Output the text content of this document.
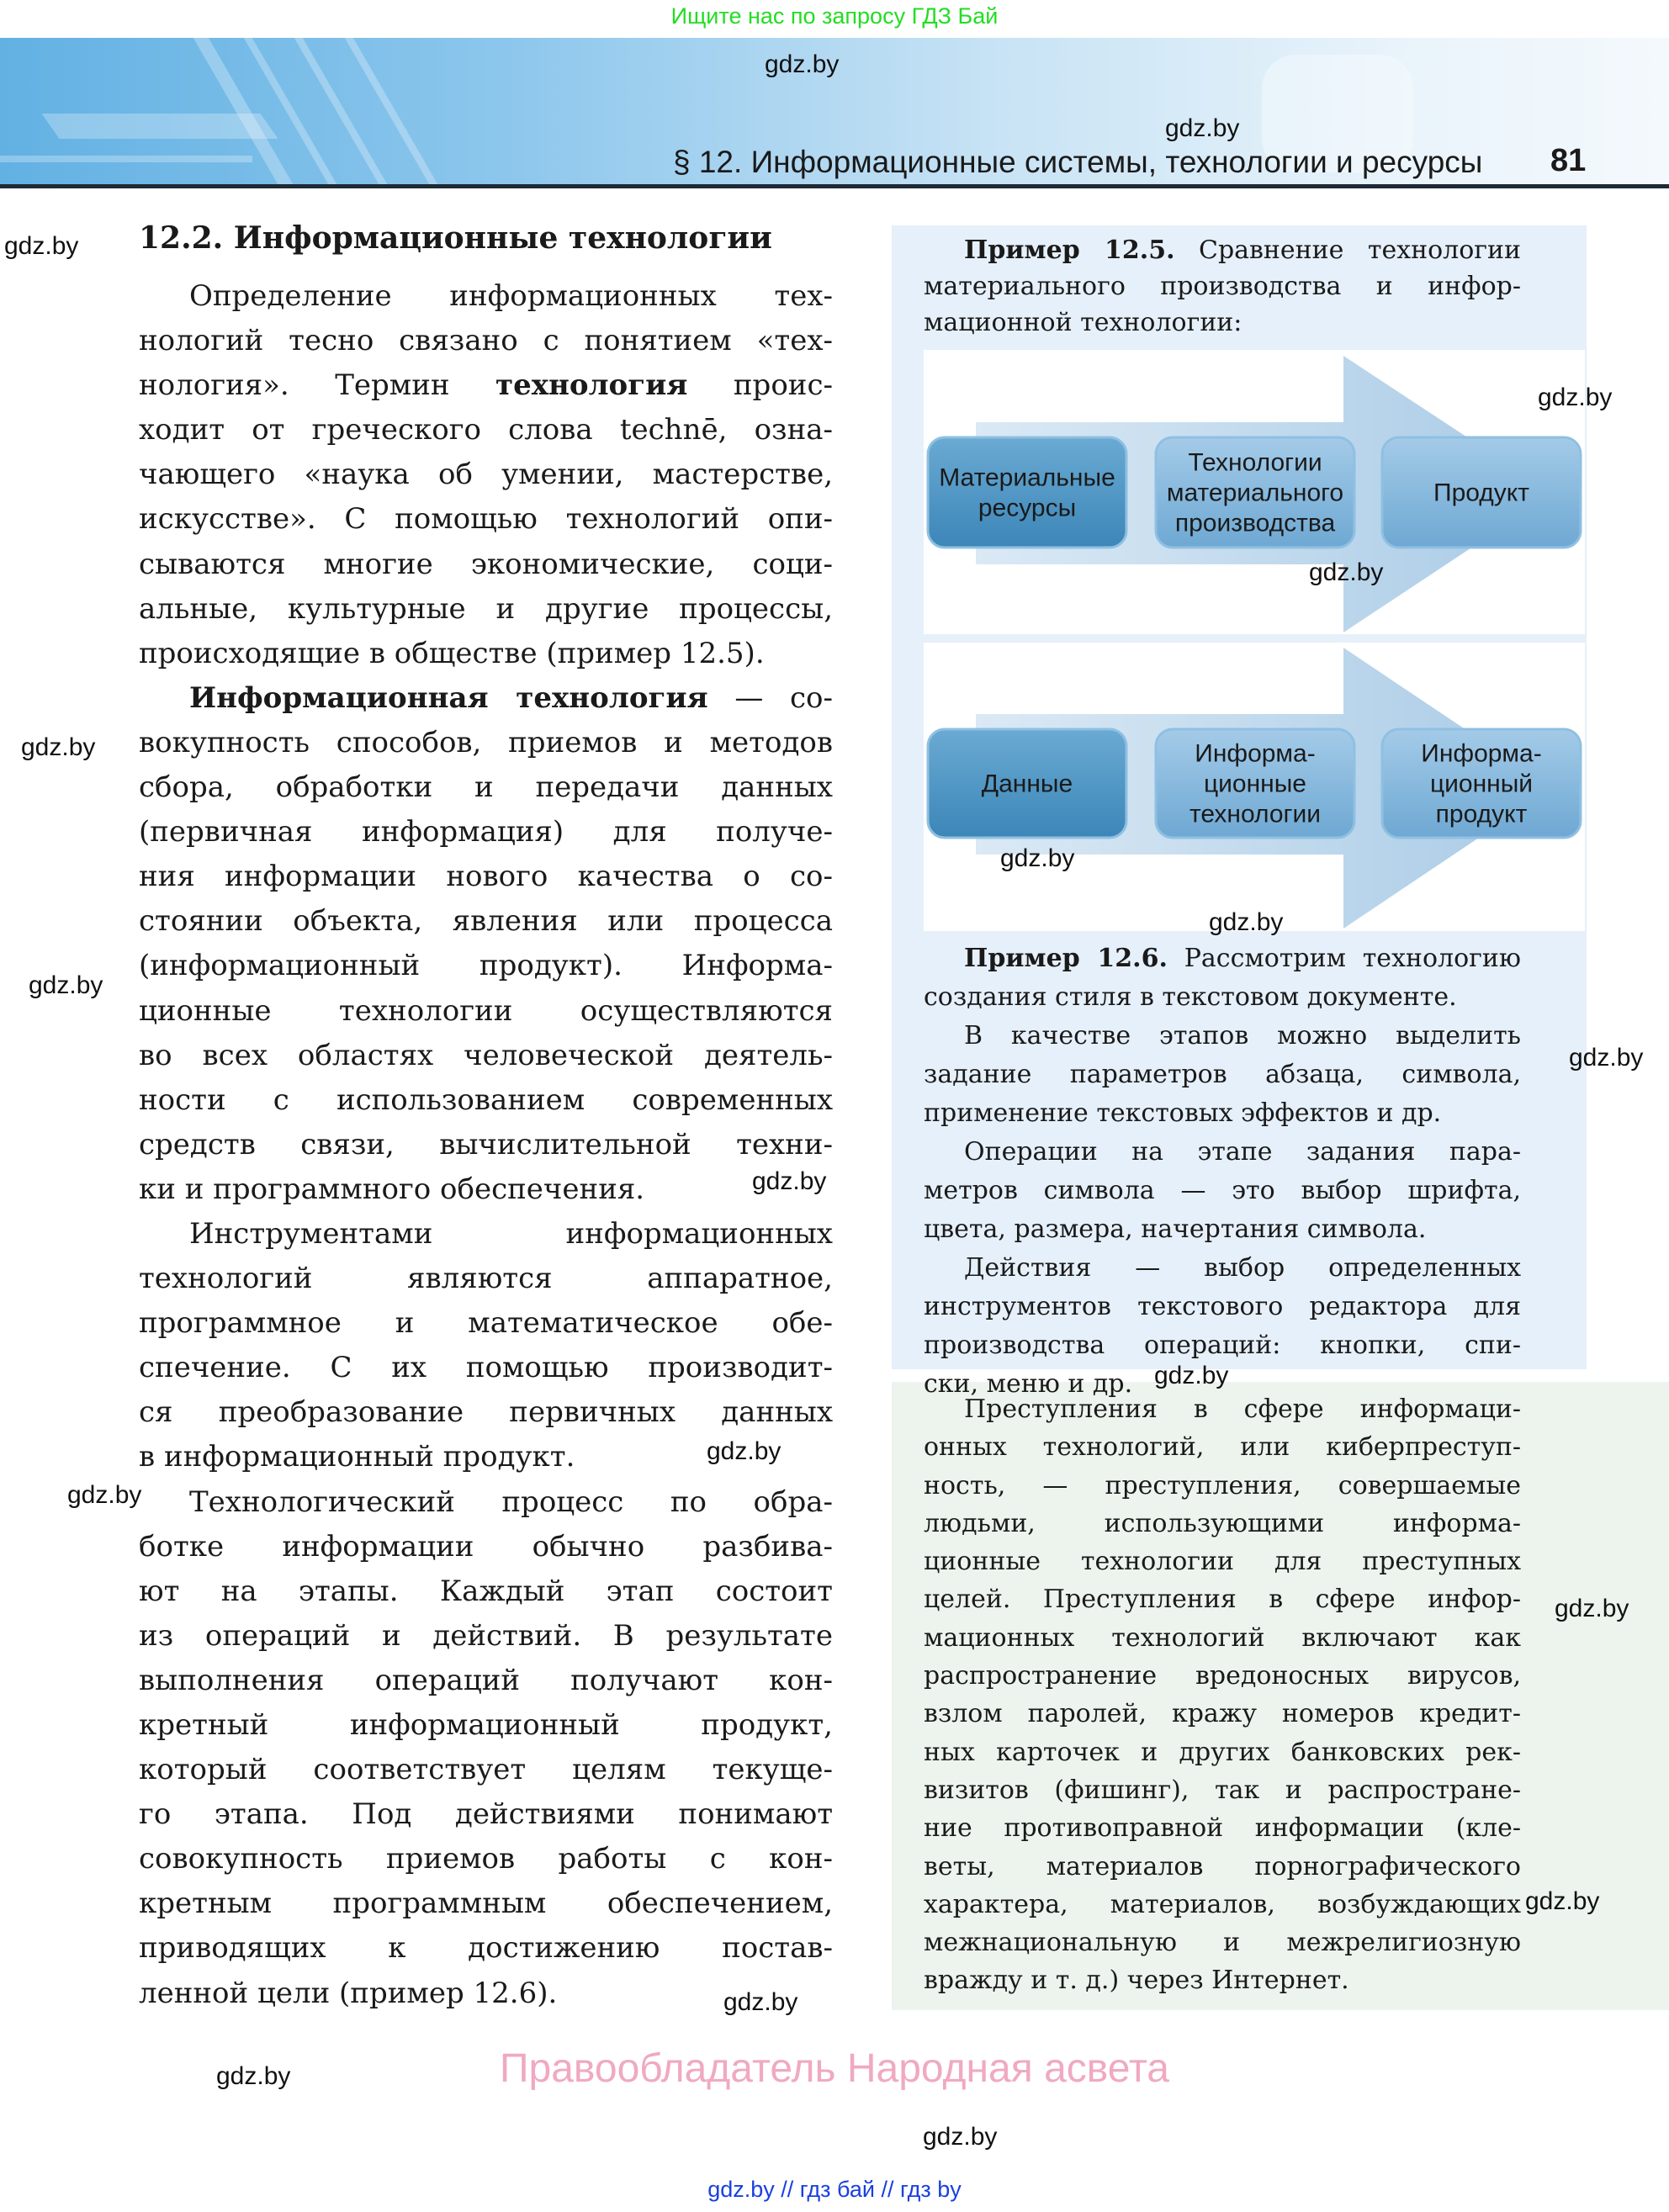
Ищите нас по запросу ГДЗ Бай
§ 12. Информационные системы, технологии и ресурсы 81
12.2. Информационные технологии
Определение информационных тех-
нологий тесно связано с понятием «тех-
нология». Термин технология проис-
ходит от греческого слова technē, озна-
чающего «наука об умении, мастерстве,
искусстве». С помощью технологий опи-
сываются многие экономические, соци-
альные, культурные и другие процессы,
происходящие в обществе (пример 12.5).
Информационная технология — со-
вокупность способов, приемов и методов
сбора, обработки и передачи данных
(первичная информация) для получе-
ния информации нового качества о со-
стоянии объекта, явления или процесса
(информационный продукт). Информа-
ционные технологии осуществляются
во всех областях человеческой деятель-
ности с использованием современных
средств связи, вычислительной техни-
ки и программного обеспечения.
Инструментами информационных
технологий являются аппаратное,
программное и математическое обе-
спечение. С их помощью производит-
ся преобразование первичных данных
в информационный продукт.
Технологический процесс по обра-
ботке информации обычно разбива-
ют на этапы. Каждый этап состоит
из операций и действий. В результате
выполнения операций получают кон-
кретный информационный продукт,
который соответствует целям текуще-
го этапа. Под действиями понимают
совокупность приемов работы с кон-
кретным программным обеспечением,
приводящих к достижению постав-
ленной цели (пример 12.6).
Пример 12.5. Сравнение технологии
материального производства и инфор-
мационной технологии:
Материальные
ресурсы
Технологии
материального
производства
Продукт
Данные
Информа-
ционные
технологии
Информа-
ционный
продукт
Пример 12.6. Рассмотрим технологию
создания стиля в текстовом документе.
В качестве этапов можно выделить
задание параметров абзаца, символа,
применение текстовых эффектов и др.
Операции на этапе задания пара-
метров символа — это выбор шрифта,
цвета, размера, начертания символа.
Действия — выбор определенных
инструментов текстового редактора для
производства операций: кнопки, спи-
ски, меню и др.
Преступления в сфере информаци-
онных технологий, или киберпреступ-
ность, — преступления, совершаемые
людьми, использующими информа-
ционные технологии для преступных
целей. Преступления в сфере инфор-
мационных технологий включают как
распространение вредоносных вирусов,
взлом паролей, кражу номеров кредит-
ных карточек и других банковских рек-
визитов (фишинг), так и распростране-
ние противоправной информации (кле-
веты, материалов порнографического
характера, материалов, возбуждающих
межнациональную и межрелигиозную
вражду и т. д.) через Интернет.
gdz.by
gdz.by
gdz.by
gdz.by
gdz.by
gdz.by
gdz.by
gdz.by
gdz.by
gdz.by
gdz.by
gdz.by
gdz.by
gdz.by
gdz.by
gdz.by
gdz.by
gdz.by
gdz.by
Правообладатель Народная асвета
gdz.by // гдз бай // гдз by
